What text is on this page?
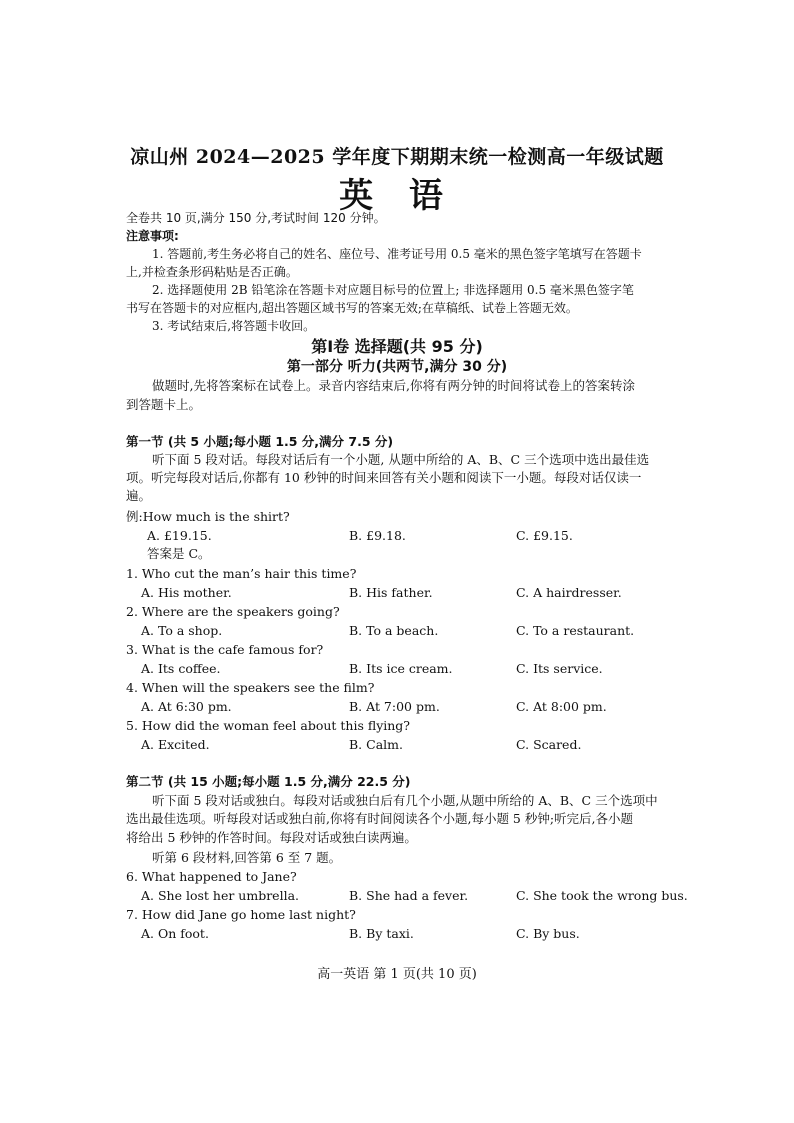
凉山州 2024—2025 学年度下期期末统一检测高一年级试题
英 语
全卷共 10 页,满分 150 分,考试时间 120 分钟。
注意事项:
1. 答题前,考生务必将自己的姓名、座位号、准考证号用 0.5 毫米的黑色签字笔填写在答题卡
上,并检查条形码粘贴是否正确。
2. 选择题使用 2B 铅笔涂在答题卡对应题目标号的位置上; 非选择题用 0.5 毫米黑色签字笔
书写在答题卡的对应框内,超出答题区域书写的答案无效;在草稿纸、试卷上答题无效。
3. 考试结束后,将答题卡收回。
第Ⅰ卷 选择题(共 95 分)
第一部分 听力(共两节,满分 30 分)
做题时,先将答案标在试卷上。录音内容结束后,你将有两分钟的时间将试卷上的答案转涂
到答题卡上。
第一节 (共 5 小题;每小题 1.5 分,满分 7.5 分)
听下面 5 段对话。每段对话后有一个小题, 从题中所给的 A、B、C 三个选项中选出最佳选
项。听完每段对话后,你都有 10 秒钟的时间来回答有关小题和阅读下一小题。每段对话仅读一
遍。
例:How much is the shirt?
A. £19.15.	B. £9.18.	C. £9.15.
答案是 C。
1. Who cut the man’s hair this time?
A. His mother.	B. His father.	C. A hairdresser.
2. Where are the speakers going?
A. To a shop.	B. To a beach.	C. To a restaurant.
3. What is the cafe famous for?
A. Its coffee.	B. Its ice cream.	C. Its service.
4. When will the speakers see the film?
A. At 6:30 pm.	B. At 7:00 pm.	C. At 8:00 pm.
5. How did the woman feel about this flying?
A. Excited.	B. Calm.	C. Scared.
第二节 (共 15 小题;每小题 1.5 分,满分 22.5 分)
听下面 5 段对话或独白。每段对话或独白后有几个小题,从题中所给的 A、B、C 三个选项中
选出最佳选项。听每段对话或独白前,你将有时间阅读各个小题,每小题 5 秒钟;听完后,各小题
将给出 5 秒钟的作答时间。每段对话或独白读两遍。
听第 6 段材料,回答第 6 至 7 题。
6. What happened to Jane?
A. She lost her umbrella.	B. She had a fever.	C. She took the wrong bus.
7. How did Jane go home last night?
A. On foot.	B. By taxi.	C. By bus.
高一英语 第 1 页(共 10 页)
